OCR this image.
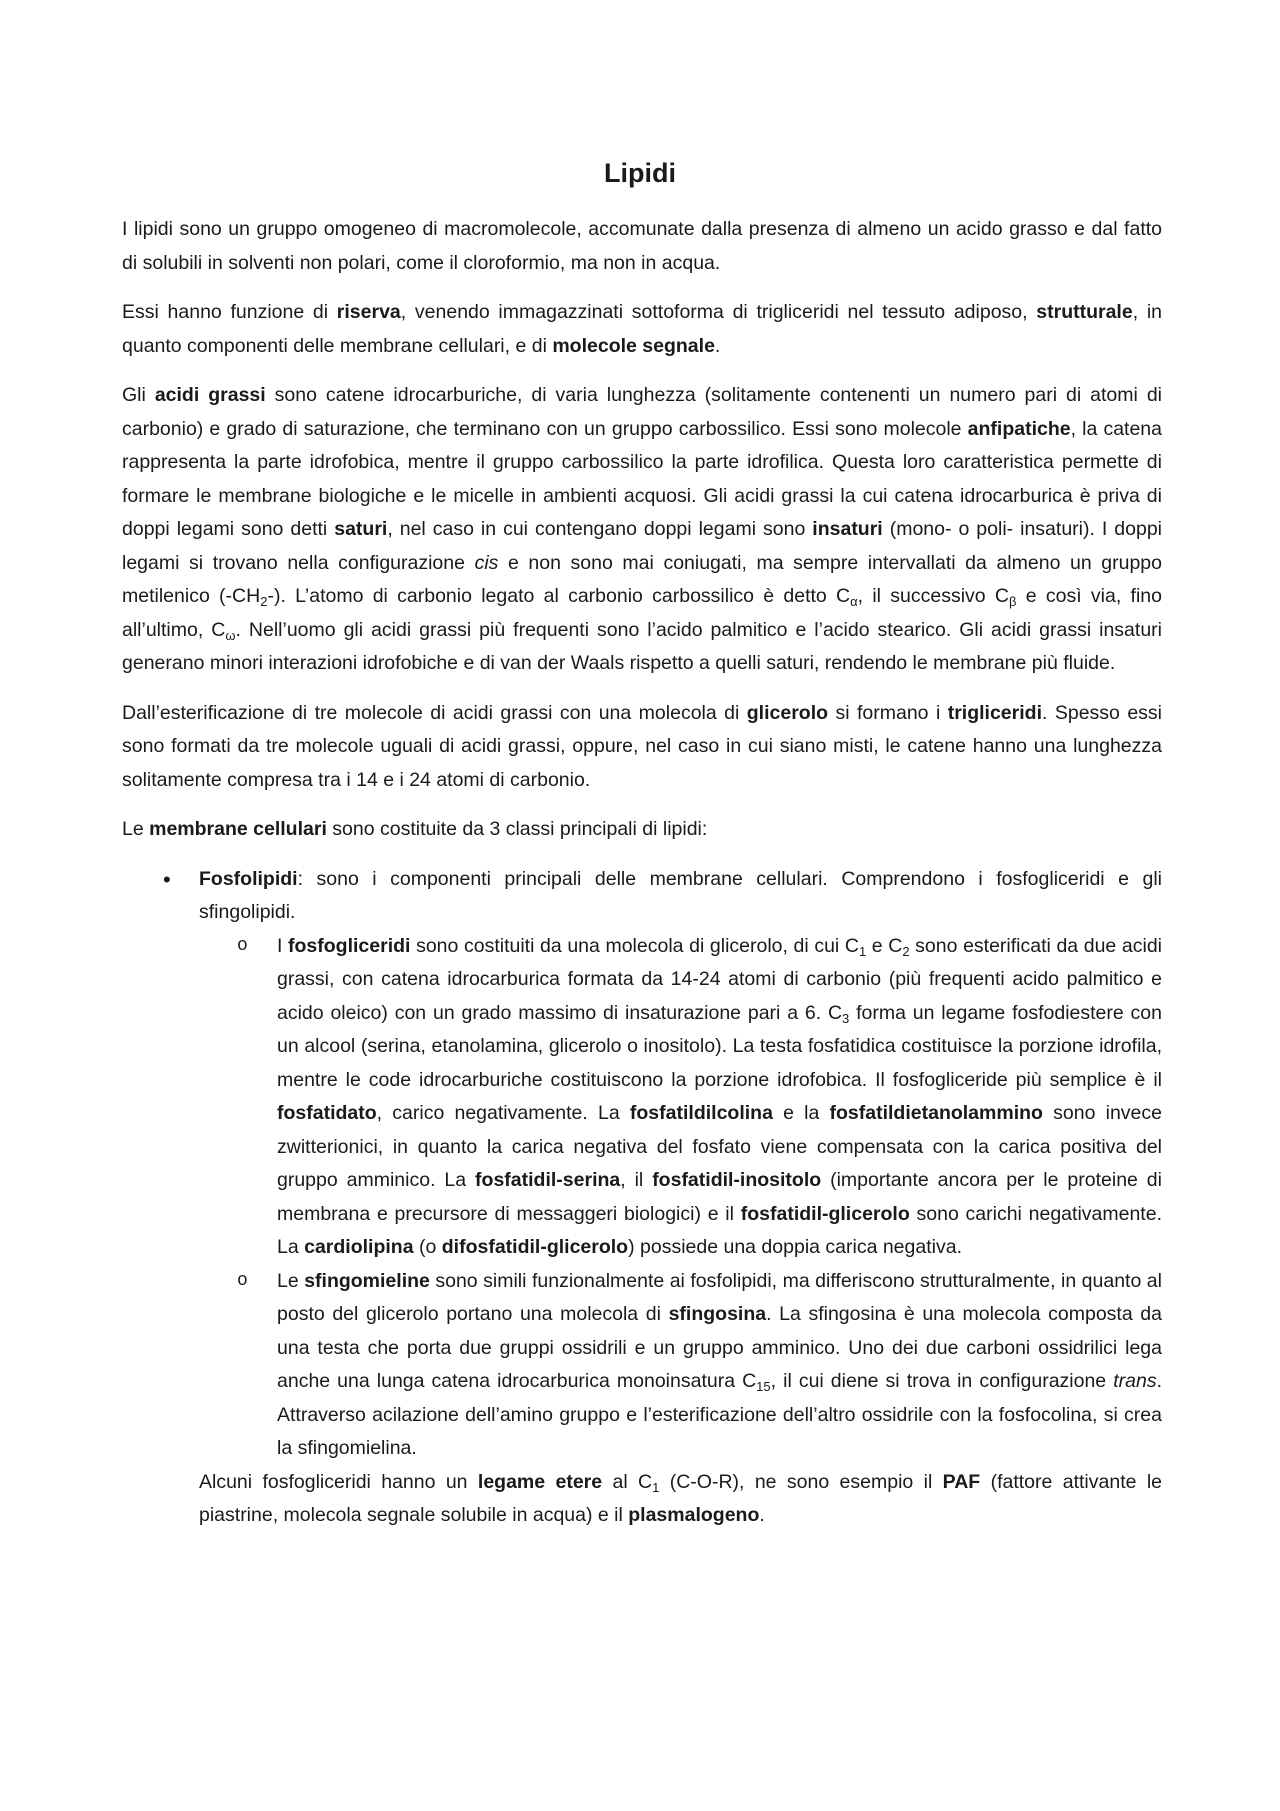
Lipidi

I lipidi sono un gruppo omogeneo di macromolecole, accomunate dalla presenza di almeno un acido grasso e dal fatto di solubili in solventi non polari, come il cloroformio, ma non in acqua.

Essi hanno funzione di riserva, venendo immagazzinati sottoforma di trigliceridi nel tessuto adiposo, strutturale, in quanto componenti delle membrane cellulari, e di molecole segnale.

Gli acidi grassi sono catene idrocarburiche, di varia lunghezza (solitamente contenenti un numero pari di atomi di carbonio) e grado di saturazione, che terminano con un gruppo carbossilico. Essi sono molecole anfipatiche, la catena rappresenta la parte idrofobica, mentre il gruppo carbossilico la parte idrofilica. Questa loro caratteristica permette di formare le membrane biologiche e le micelle in ambienti acquosi. Gli acidi grassi la cui catena idrocarburica è priva di doppi legami sono detti saturi, nel caso in cui contengano doppi legami sono insaturi (mono- o poli- insaturi). I doppi legami si trovano nella configurazione cis e non sono mai coniugati, ma sempre intervallati da almeno un gruppo metilenico $(-CH_2-)$. L’atomo di carbonio legato al carbonio carbossilico è detto $C_\alpha$, il successivo $C_\beta$ e così via, fino all’ultimo, $C_\omega$. Nell’uomo gli acidi grassi più frequenti sono l’acido palmitico e l’acido stearico. Gli acidi grassi insaturi generano minori interazioni idrofobiche e di van der Waals rispetto a quelli saturi, rendendo le membrane più fluide.

Dall’esterificazione di tre molecole di acidi grassi con una molecola di glicerolo si formano i trigliceridi. Spesso essi sono formati da tre molecole uguali di acidi grassi, oppure, nel caso in cui siano misti, le catene hanno una lunghezza solitamente compresa tra i 14 e i 24 atomi di carbonio.

Le membrane cellulari sono costituite da 3 classi principali di lipidi:

• Fosfolipidi: sono i componenti principali delle membrane cellulari. Comprendono i fosfogliceridi e gli sfingolipidi.
o I fosfogliceridi sono costituiti da una molecola di glicerolo, di cui $C_1$ e $C_2$ sono esterificati da due acidi grassi, con catena idrocarburica formata da 14-24 atomi di carbonio (più frequenti acido palmitico e acido oleico) con un grado massimo di insaturazione pari a 6. $C_3$ forma un legame fosfodiestere con un alcool (serina, etanolamina, glicerolo o inositolo). La testa fosfatidica costituisce la porzione idrofila, mentre le code idrocarburiche costituiscono la porzione idrofobica. Il fosfogliceride più semplice è il fosfatidato, carico negativamente. La fosfatildilcolina e la fosfatildietanolammino sono invece zwitterionici, in quanto la carica negativa del fosfato viene compensata con la carica positiva del gruppo amminico. La fosfatidil-serina, il fosfatidil-inositolo (importante ancora per le proteine di membrana e precursore di messaggeri biologici) e il fosfatidil-glicerolo sono carichi negativamente. La cardiolipina (o difosfatidil-glicerolo) possiede una doppia carica negativa.
o Le sfingomieline sono simili funzionalmente ai fosfolipidi, ma differiscono strutturalmente, in quanto al posto del glicerolo portano una molecola di sfingosina. La sfingosina è una molecola composta da una testa che porta due gruppi ossidrili e un gruppo amminico. Uno dei due carboni ossidrilici lega anche una lunga catena idrocarburica monoinsatura $C_{15}$, il cui diene si trova in configurazione trans. Attraverso acilazione dell’amino gruppo e l’esterificazione dell’altro ossidrile con la fosfocolina, si crea la sfingomielina.

Alcuni fosfogliceridi hanno un legame etere al $C_1$ (C-O-R), ne sono esempio il PAF (fattore attivante le piastrine, molecola segnale solubile in acqua) e il plasmalogeno.
